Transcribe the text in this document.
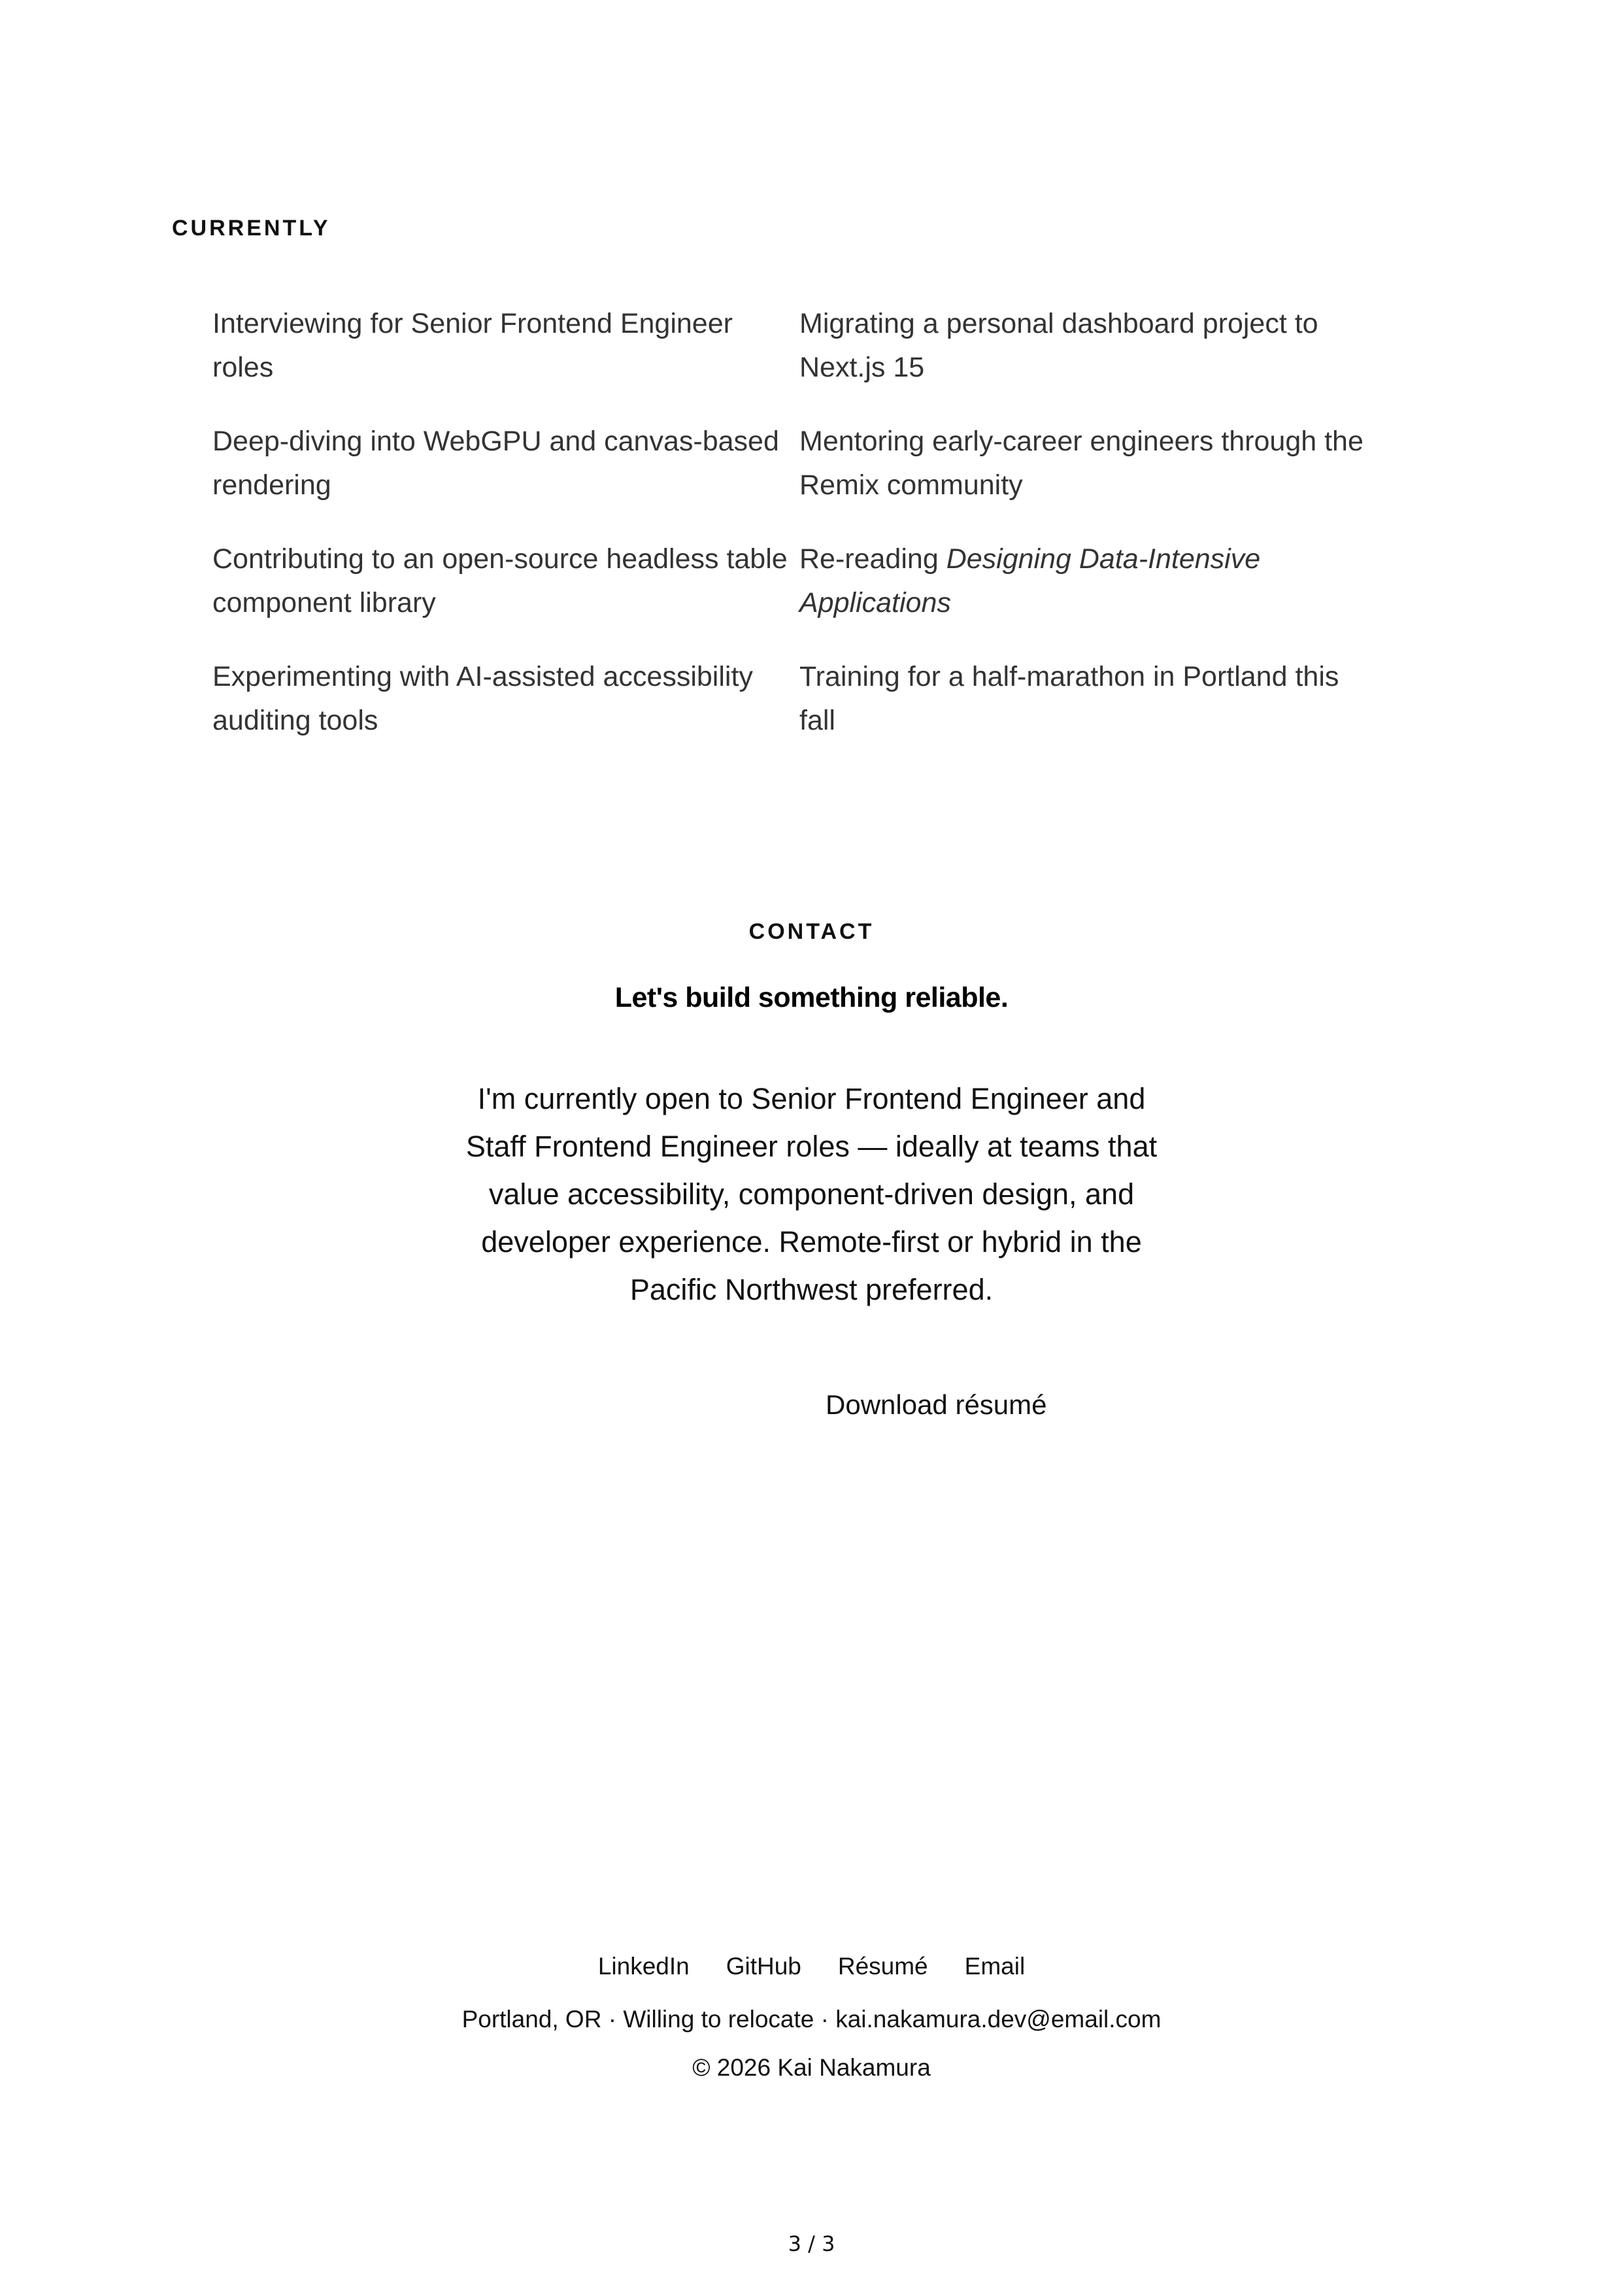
CURRENTLY
Interviewing for Senior Frontend Engineer roles
Migrating a personal dashboard project to Next.js 15
Deep-diving into WebGPU and canvas-based rendering
Mentoring early-career engineers through the Remix community
Contributing to an open-source headless table component library
Re-reading Designing Data-Intensive Applications
Experimenting with AI-assisted accessibility auditing tools
Training for a half-marathon in Portland this fall
CONTACT
Let's build something reliable.

I'm currently open to Senior Frontend Engineer and Staff Frontend Engineer roles — ideally at teams that value accessibility, component-driven design, and developer experience. Remote-first or hybrid in the Pacific Northwest preferred.

Download résumé
LinkedIn GitHub Résumé Email
Portland, OR · Willing to relocate · kai.nakamura.dev@email.com
© 2026 Kai Nakamura
3 / 3
